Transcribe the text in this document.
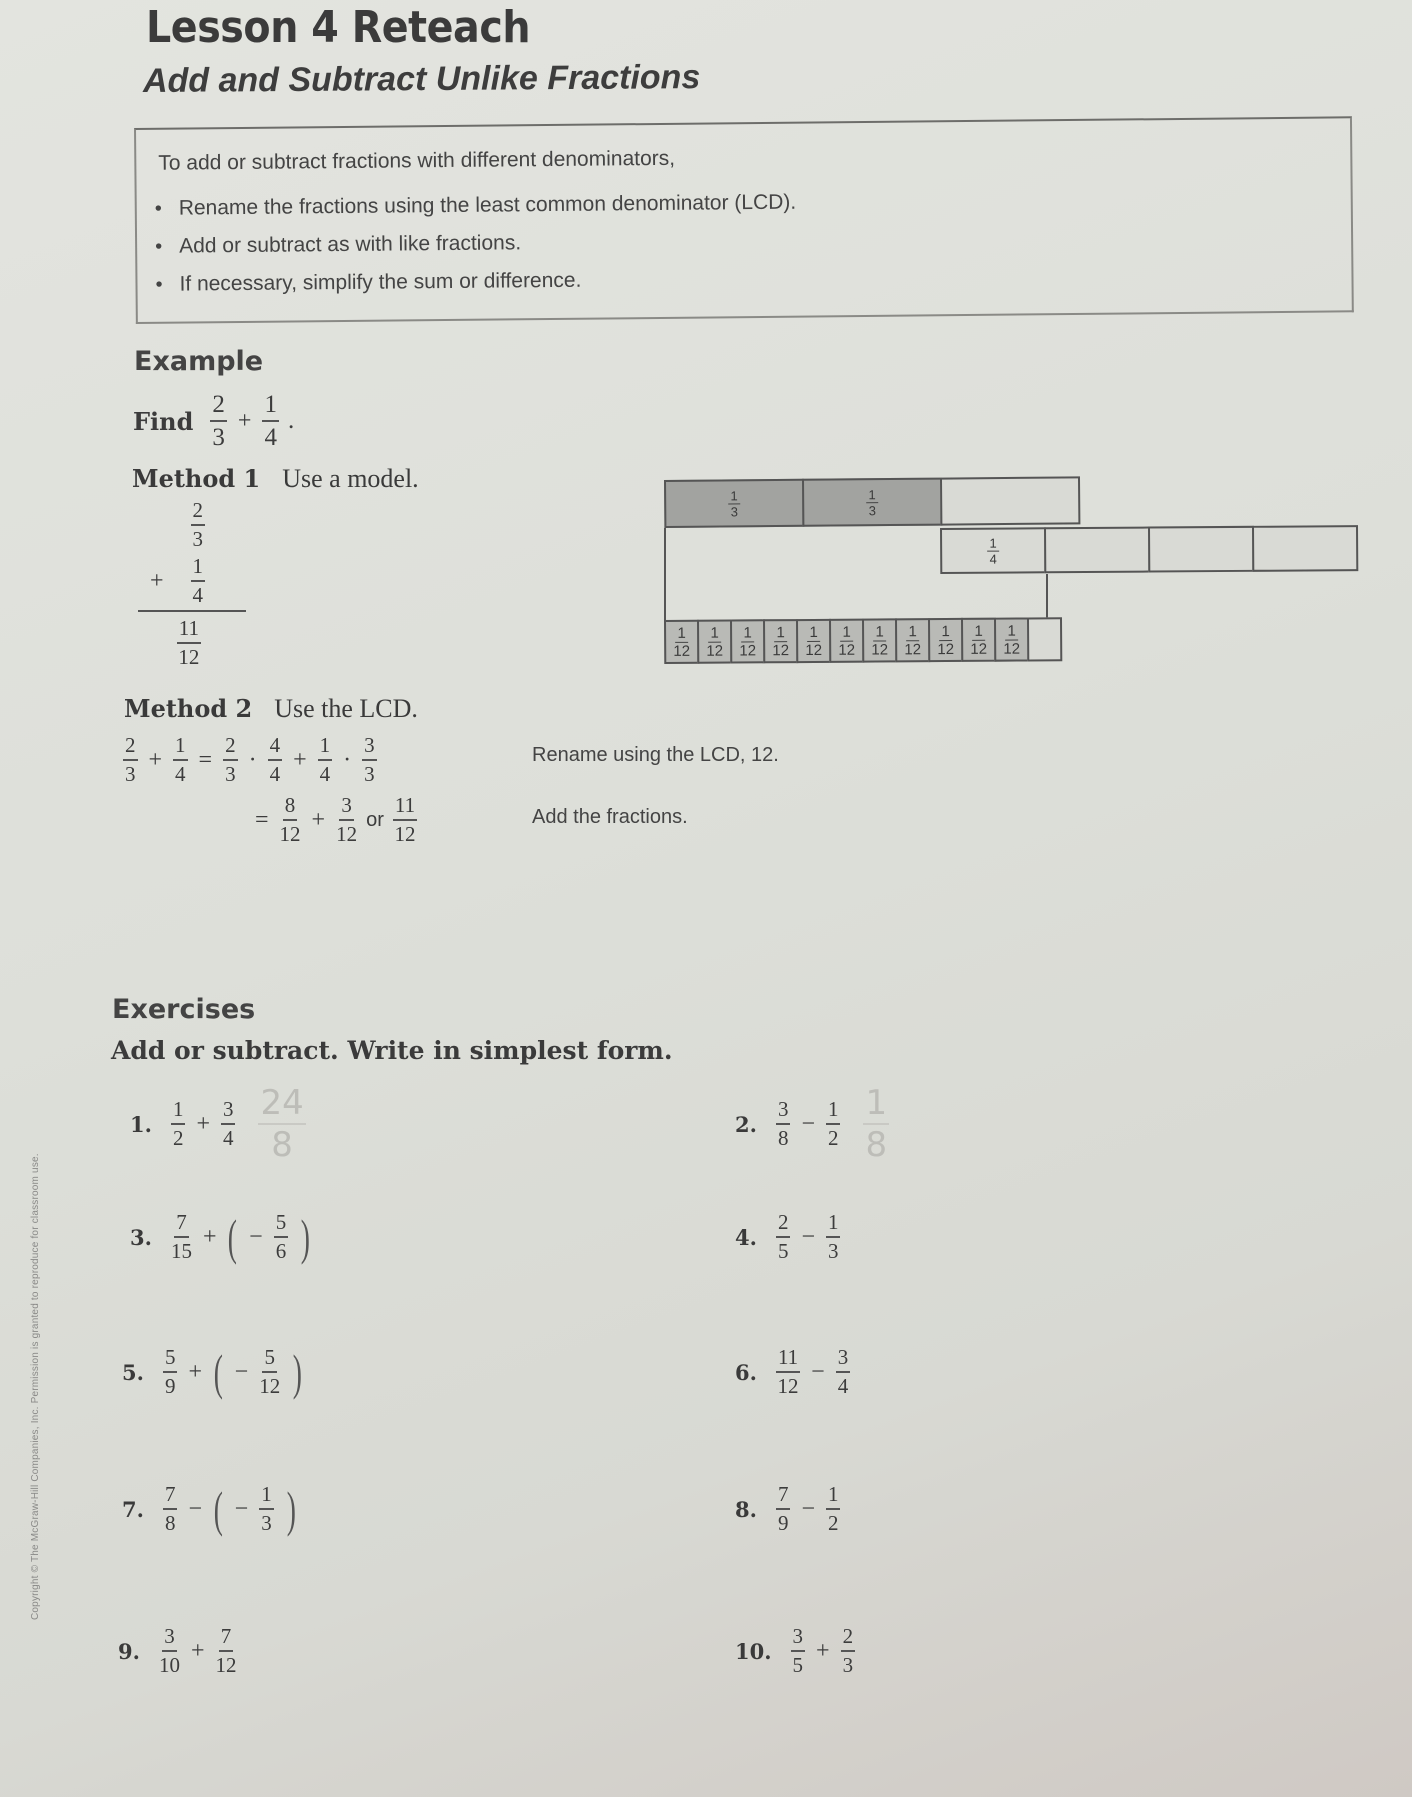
Lesson 4 Reteach
Add and Subtract Unlike Fractions
To add or subtract fractions with different denominators,
• Rename the fractions using the least common denominator (LCD).
• Add or subtract as with like fractions.
• If necessary, simplify the sum or difference.
Example
Find $\frac{2}{3} + \frac{1}{4}$ .
Method 1 Use a model.
$\frac{2}{3}$
+ $\frac{1}{4}$
$\frac{11}{12}$
$\frac{1}{3}$	$\frac{1}{3}$
$\frac{1}{4}$
$\frac{1}{12} \frac{1}{12} \frac{1}{12} \frac{1}{12} \frac{1}{12} \frac{1}{12} \frac{1}{12} \frac{1}{12} \frac{1}{12} \frac{1}{12} \frac{1}{12}$
Method 2 Use the LCD.
$\frac{2}{3} + \frac{1}{4} = \frac{2}{3} \cdot \frac{4}{4} + \frac{1}{4} \cdot \frac{3}{3}$
= $\frac{8}{12} + \frac{3}{12}$ or $\frac{11}{12}$
Rename using the LCD, 12.
Add the fractions.
Copyright © The McGraw-Hill Companies, Inc. Permission is granted to reproduce for classroom use.
Exercises
Add or subtract. Write in simplest form.
1. $\frac{1}{2} + \frac{3}{4} \frac{24}{8}$	2. $\frac{3}{8} - \frac{1}{2} \frac{1}{8}$
3. $\frac{7}{15}$ + ( − $\frac{5}{6}$ )	4. $\frac{2}{5} - \frac{1}{3}$
5. $\frac{5}{9}$ + ( − $\frac{5}{12}$ )	6. $\frac{11}{12} - \frac{3}{4}$
7. $\frac{7}{8}$ − ( − $\frac{1}{3}$ )	8. $\frac{7}{9} - \frac{1}{2}$
9. $\frac{3}{10} + \frac{7}{12}$	10. $\frac{3}{5} + \frac{2}{3}$
